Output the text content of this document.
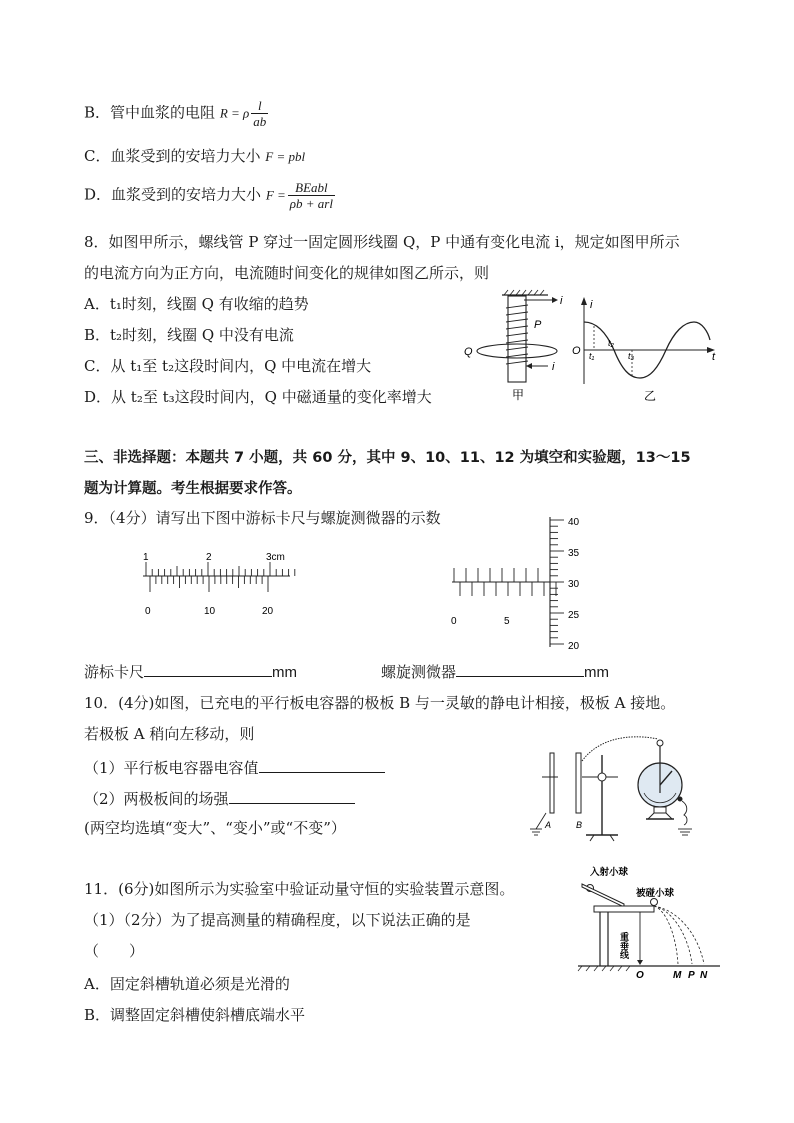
B．管中血浆的电阻 R = ρ $\frac{l}{ab}$
C．血浆受到的安培力大小 F = pbl
D．血浆受到的安培力大小 $F = \frac{\text{BEabl}}{\text{ρb + arl}}$
8．如图甲所示，螺线管 P 穿过一固定圆形线圈 Q，P 中通有变化电流 i，规定如图甲所示
的电流方向为正方向，电流随时间变化的规律如图乙所示，则
A．t₁时刻，线圈 Q 有收缩的趋势
B．t₂时刻，线圈 Q 中没有电流
C．从 t₁至 t₂这段时间内，Q 中电流在增大
D．从 t₂至 t₃这段时间内，Q 中磁通量的变化率增大
i
P
Q
i
甲
i
t
O t₁
t₂
t₃
乙
三、非选择题：本题共 7 小题，共 60 分，其中 9、10、11、12 为填空和实验题，13～15
题为计算题。考生根据要求作答。
9．（4分）请写出下图中游标卡尺与螺旋测微器的示数
1	2	3cm
0	10	20
0	5
40
35
30
25
20
游标卡尺	mm	螺旋测微器	mm
10．(4分)如图，已充电的平行板电容器的极板 B 与一灵敏的静电计相接，极板 A 接地。
若极板 A 稍向左移动，则
（1）平行板电容器电容值
（2）两极板间的场强
(两空均选填“变大”、“变小”或“不变”）	A	B
11．(6分)如图所示为实验室中验证动量守恒的实验装置示意图。
（1）（2分）为了提高测量的精确程度，以下说法正确的是
（　　）
A．固定斜槽轨道必须是光滑的
B．调整固定斜槽使斜槽底端水平
入射小球
被碰小球
重垂线
O	M P N
